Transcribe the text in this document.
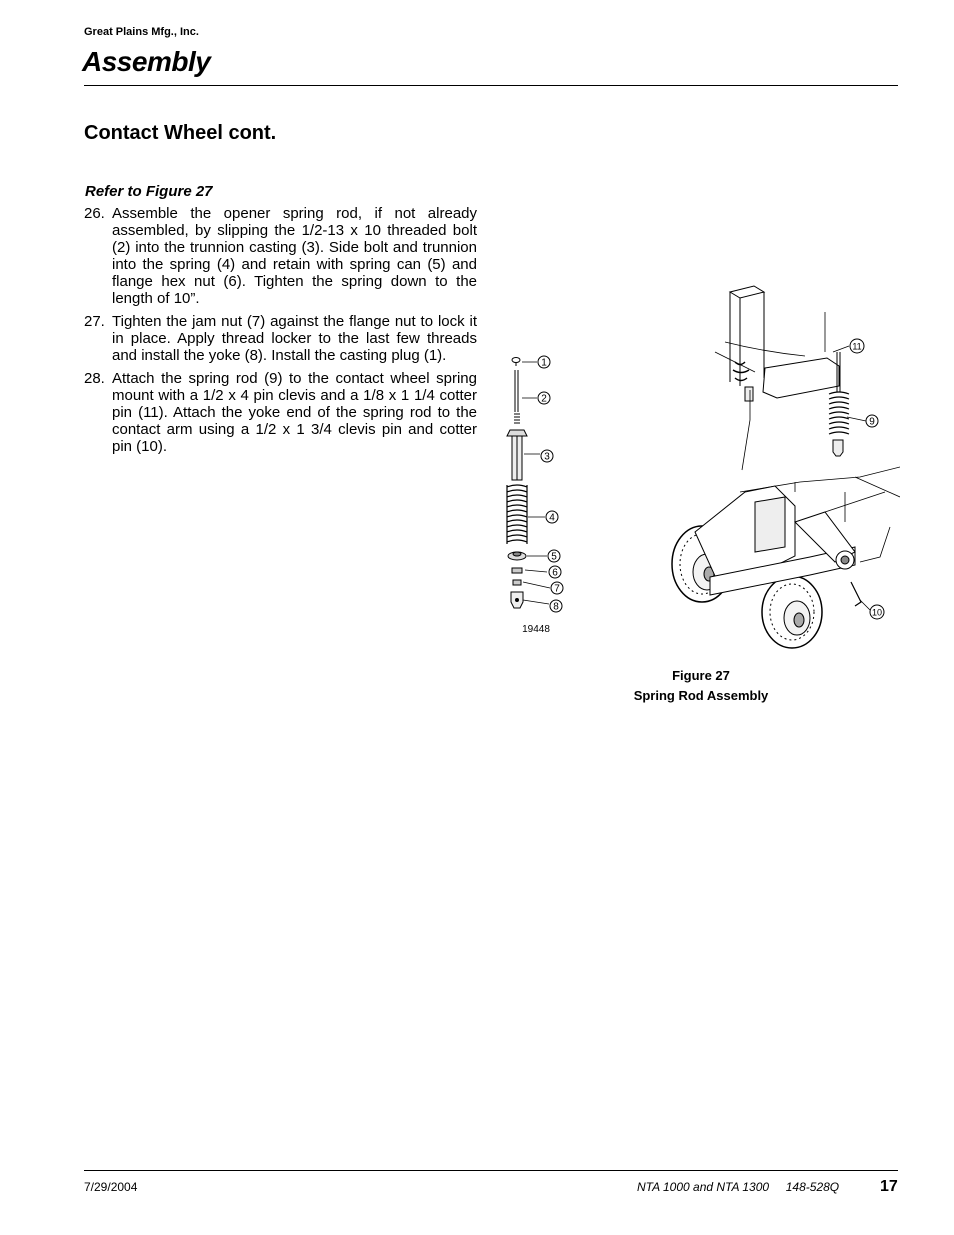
Great Plains Mfg., Inc.
Assembly
Contact Wheel cont.
Refer to Figure 27
26. Assemble the opener spring rod, if not already assembled, by slipping the 1/2-13 x 10 threaded bolt (2) into the trunnion casting (3). Side bolt and trunnion into the spring (4) and retain with spring can (5) and flange hex nut (6). Tighten the spring down to the length of 10”.
27. Tighten the jam nut (7) against the flange nut to lock it in place. Apply thread locker to the last few threads and install the yoke (8). Install the casting plug (1).
28. Attach the spring rod (9) to the contact wheel spring mount with a 1/2 x 4 pin clevis and a 1/8 x 1 1/4 cotter pin (11). Attach the yoke end of the spring rod to the contact arm using a 1/2 x 1 3/4 clevis pin and cotter pin (10).
1
2
3
4
5
6
7
8
9
10
11
19448
Figure 27
Spring Rod Assembly
7/29/2004	NTA 1000 and NTA 1300     148-528Q	17
